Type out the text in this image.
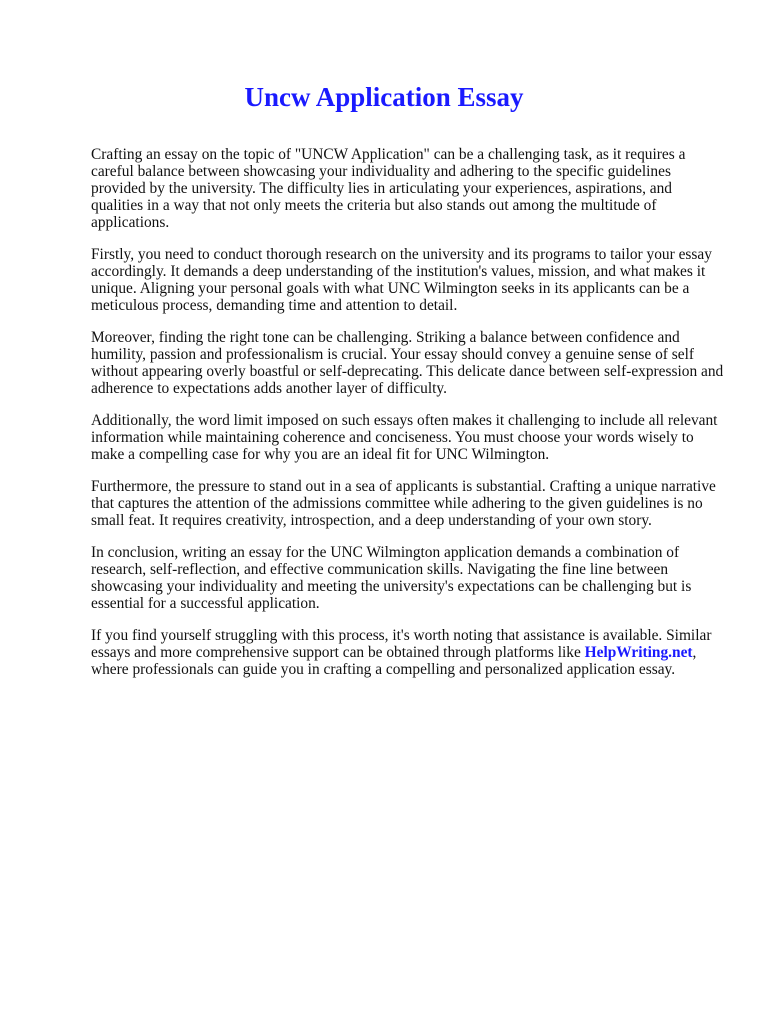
Uncw Application Essay

Crafting an essay on the topic of "UNCW Application" can be a challenging task, as it requires a careful balance between showcasing your individuality and adhering to the specific guidelines provided by the university. The difficulty lies in articulating your experiences, aspirations, and qualities in a way that not only meets the criteria but also stands out among the multitude of applications.

Firstly, you need to conduct thorough research on the university and its programs to tailor your essay accordingly. It demands a deep understanding of the institution's values, mission, and what makes it unique. Aligning your personal goals with what UNC Wilmington seeks in its applicants can be a meticulous process, demanding time and attention to detail.

Moreover, finding the right tone can be challenging. Striking a balance between confidence and humility, passion and professionalism is crucial. Your essay should convey a genuine sense of self without appearing overly boastful or self-deprecating. This delicate dance between self-expression and adherence to expectations adds another layer of difficulty.

Additionally, the word limit imposed on such essays often makes it challenging to include all relevant information while maintaining coherence and conciseness. You must choose your words wisely to make a compelling case for why you are an ideal fit for UNC Wilmington.

Furthermore, the pressure to stand out in a sea of applicants is substantial. Crafting a unique narrative that captures the attention of the admissions committee while adhering to the given guidelines is no small feat. It requires creativity, introspection, and a deep understanding of your own story.

In conclusion, writing an essay for the UNC Wilmington application demands a combination of research, self-reflection, and effective communication skills. Navigating the fine line between showcasing your individuality and meeting the university's expectations can be challenging but is essential for a successful application.

If you find yourself struggling with this process, it's worth noting that assistance is available. Similar essays and more comprehensive support can be obtained through platforms like HelpWriting.net, where professionals can guide you in crafting a compelling and personalized application essay.
